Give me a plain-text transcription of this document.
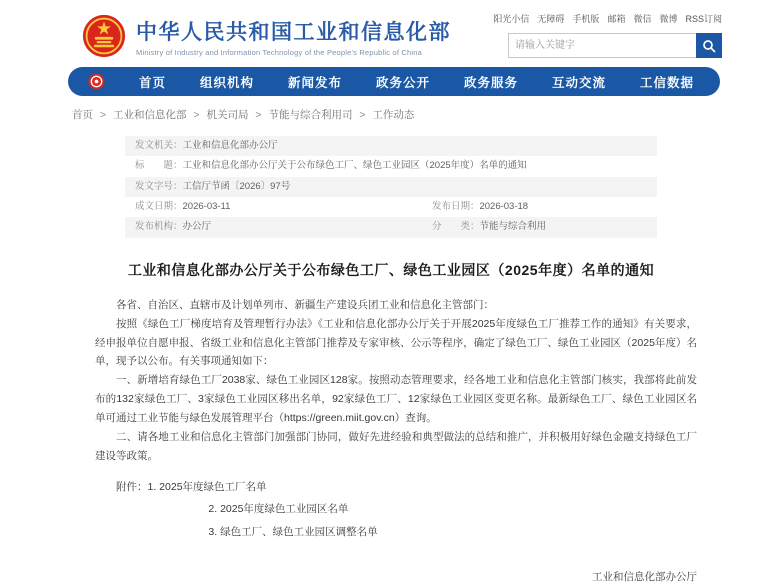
中华人民共和国工业和信息化部
Ministry of Industry and Information Technology of the People's Republic of China
阳光小信 无障碍 手机版 邮箱 微信 微博 RSS订阅
请输入关键字
首页	组织机构	新闻发布	政务公开	政务服务	互动交流	工信数据
首页 > 工业和信息化部 > 机关司局 > 节能与综合利用司 > 工作动态
发文机关： 工业和信息化部办公厅
标　　题： 工业和信息化部办公厅关于公布绿色工厂、绿色工业园区（2025年度）名单的通知
发文字号： 工信厅节函〔2026〕97号
成文日期： 2026-03-11	发布日期： 2026-03-18
发布机构： 办公厅	分　　类： 节能与综合利用
工业和信息化部办公厅关于公布绿色工厂、绿色工业园区（2025年度）名单的通知

各省、自治区、直辖市及计划单列市、新疆生产建设兵团工业和信息化主管部门：

按照《绿色工厂梯度培育及管理暂行办法》《工业和信息化部办公厅关于开展2025年度绿色工厂推荐工作的通知》有关要求，经申报单位自愿申报、省级工业和信息化主管部门推荐及专家审核、公示等程序，确定了绿色工厂、绿色工业园区（2025年度）名单，现予以公布。有关事项通知如下：

一、新增培育绿色工厂2038家、绿色工业园区128家。按照动态管理要求，经各地工业和信息化主管部门核实，我部将此前发布的132家绿色工厂、3家绿色工业园区移出名单，92家绿色工厂、12家绿色工业园区变更名称。最新绿色工厂、绿色工业园区名单可通过工业节能与绿色发展管理平台（https://green.miit.gov.cn）查询。

二、请各地工业和信息化主管部门加强部门协同，做好先进经验和典型做法的总结和推广，并积极用好绿色金融支持绿色工厂建设等政策。

附件：1. 2025年度绿色工厂名单
2. 2025年度绿色工业园区名单
3. 绿色工厂、绿色工业园区调整名单
工业和信息化部办公厅
